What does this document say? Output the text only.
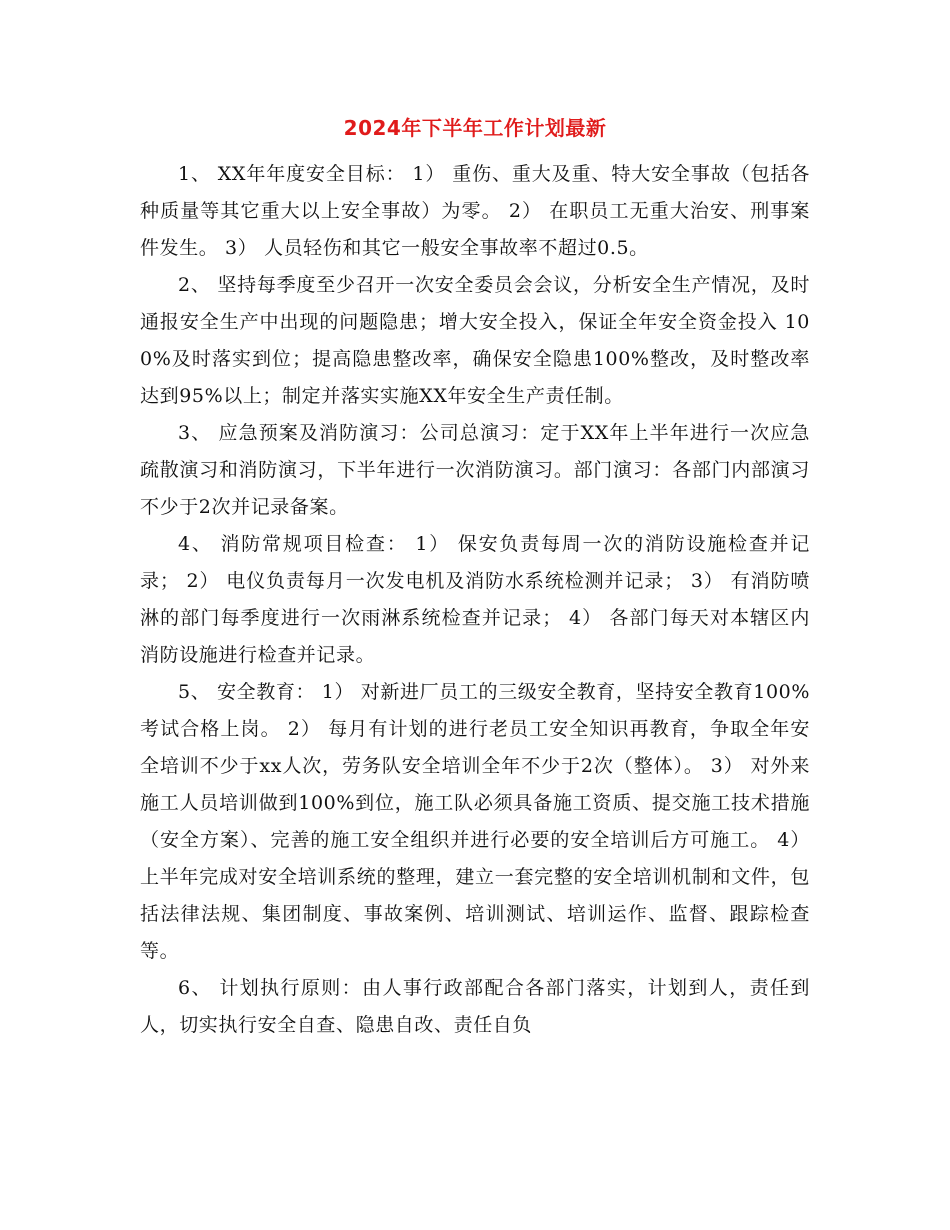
2024年下半年工作计划最新

1、 XX年年度安全目标： 1） 重伤、重大及重、特大安全事故（包括各种质量等其它重大以上安全事故）为零。 2） 在职员工无重大治安、刑事案件发生。 3） 人员轻伤和其它一般安全事故率不超过0.5。

2、 坚持每季度至少召开一次安全委员会会议，分析安全生产情况，及时通报安全生产中出现的问题隐患；增大安全投入，保证全年安全资金投入 100%及时落实到位；提高隐患整改率，确保安全隐患100%整改，及时整改率达到95%以上；制定并落实实施XX年安全生产责任制。

3、 应急预案及消防演习：公司总演习：定于XX年上半年进行一次应急疏散演习和消防演习，下半年进行一次消防演习。部门演习：各部门内部演习不少于2次并记录备案。

4、 消防常规项目检查： 1） 保安负责每周一次的消防设施检查并记录； 2） 电仪负责每月一次发电机及消防水系统检测并记录； 3） 有消防喷淋的部门每季度进行一次雨淋系统检查并记录； 4） 各部门每天对本辖区内消防设施进行检查并记录。

5、 安全教育： 1） 对新进厂员工的三级安全教育，坚持安全教育100%考试合格上岗。 2） 每月有计划的进行老员工安全知识再教育，争取全年安全培训不少于xx人次，劳务队安全培训全年不少于2次（整体）。 3） 对外来施工人员培训做到100%到位，施工队必须具备施工资质、提交施工技术措施（安全方案）、完善的施工安全组织并进行必要的安全培训后方可施工。 4） 上半年完成对安全培训系统的整理，建立一套完整的安全培训机制和文件，包括法律法规、集团制度、事故案例、培训测试、培训运作、监督、跟踪检查等。

6、 计划执行原则：由人事行政部配合各部门落实，计划到人，责任到人，切实执行安全自查、隐患自改、责任自负
